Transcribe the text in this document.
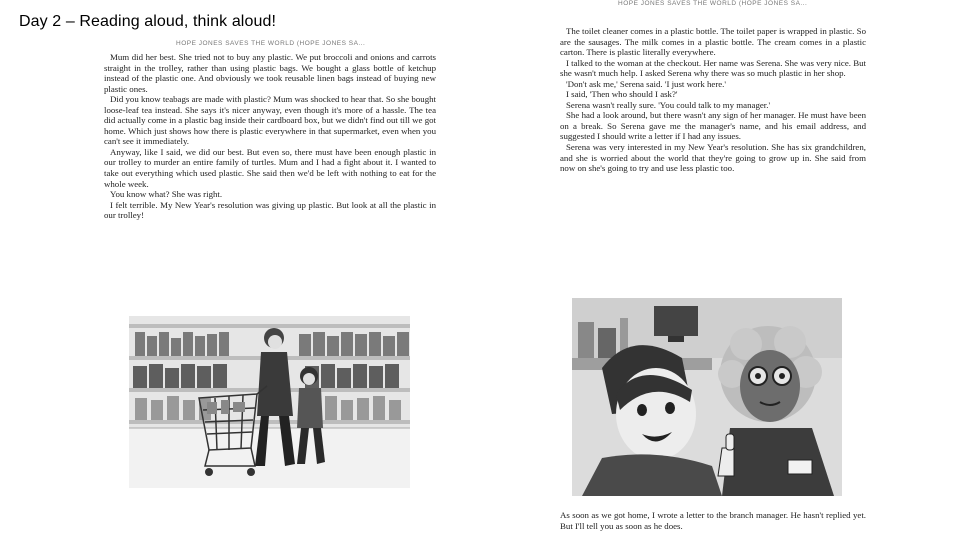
Day 2 – Reading aloud, think aloud!
HOPE JONES SAVES THE WORLD (HOPE JONES SA...

Mum did her best. She tried not to buy any plastic. We put broccoli and onions and carrots straight in the trolley, rather than using plastic bags. We bought a glass bottle of ketchup instead of the plastic one. And obviously we took reusable linen bags instead of buying new plastic ones.

Did you know teabags are made with plastic? Mum was shocked to hear that. So she bought loose-leaf tea instead. She says it's nicer anyway, even though it's more of a hassle. The tea did actually come in a plastic bag inside their cardboard box, but we didn't find out till we got home. Which just shows how there is plastic everywhere in that supermarket, even when you can't see it immediately.

Anyway, like I said, we did our best. But even so, there must have been enough plastic in our trolley to murder an entire family of turtles. Mum and I had a fight about it. I wanted to take out everything which used plastic. She said then we'd be left with nothing to eat for the whole week.

You know what? She was right.

I felt terrible. My New Year's resolution was giving up plastic. But look at all the plastic in our trolley!

HOPE JONES SAVES THE WORLD (HOPE JONES SA...

The toilet cleaner comes in a plastic bottle. The toilet paper is wrapped in plastic. So are the sausages. The milk comes in a plastic bottle. The cream comes in a plastic carton. There is plastic literally everywhere.

I talked to the woman at the checkout. Her name was Serena. She was very nice. But she wasn't much help. I asked Serena why there was so much plastic in her shop.

'Don't ask me,' Serena said. 'I just work here.'

I said, 'Then who should I ask?'

Serena wasn't really sure. 'You could talk to my manager.'

She had a look around, but there wasn't any sign of her manager. He must have been on a break. So Serena gave me the manager's name, and his email address, and suggested I should write a letter if I had any issues.

Serena was very interested in my New Year's resolution. She has six grandchildren, and she is worried about the world that they're going to grow up in. She said from now on she's going to try and use less plastic too.

As soon as we got home, I wrote a letter to the branch manager. He hasn't replied yet. But I'll tell you as soon as he does.
